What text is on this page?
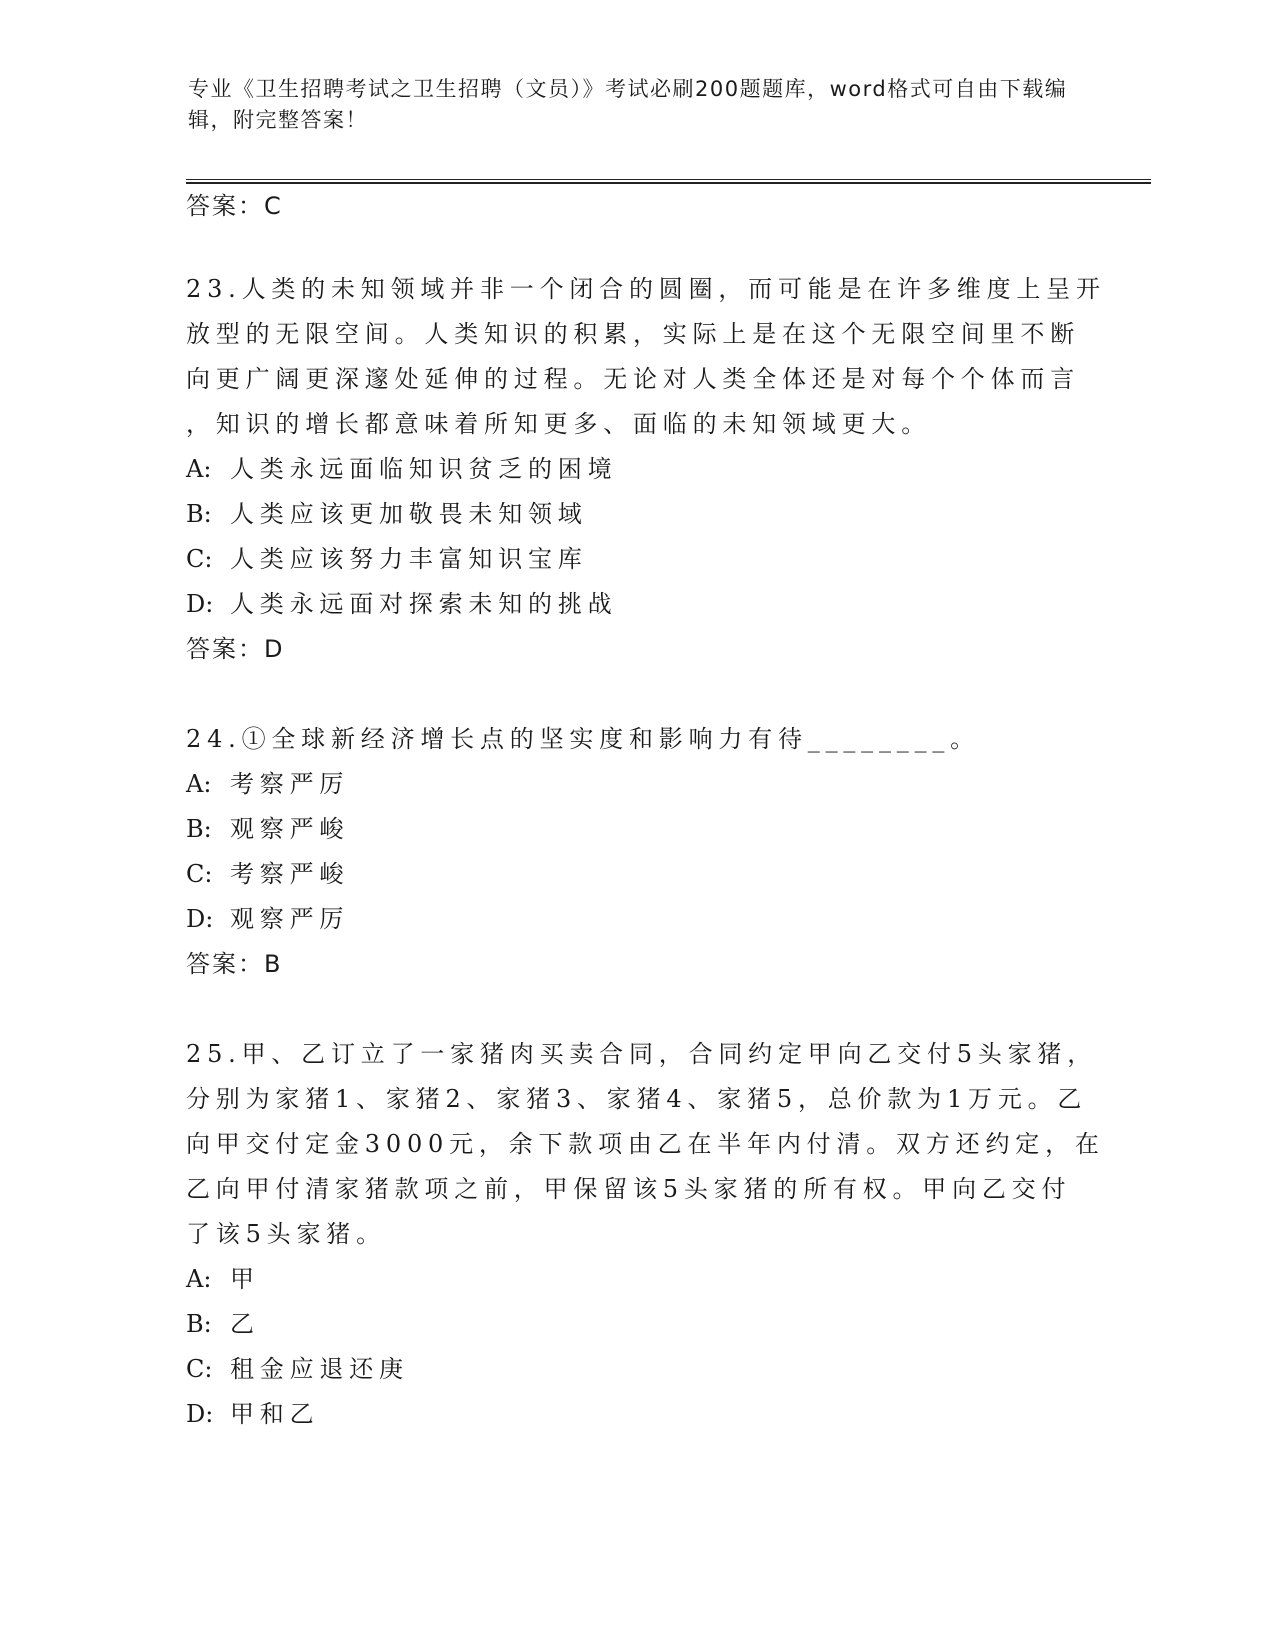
专业《卫生招聘考试之卫生招聘（文员）》考试必刷200题题库，word格式可自由下载编辑，附完整答案！
答案：C
23.人类的未知领域并非一个闭合的圆圈，而可能是在许多维度上呈开
放型的无限空间。人类知识的积累，实际上是在这个无限空间里不断
向更广阔更深邃处延伸的过程。无论对人类全体还是对每个个体而言
，知识的增长都意味着所知更多、面临的未知领域更大。
A: 人类永远面临知识贫乏的困境
B: 人类应该更加敬畏未知领域
C: 人类应该努力丰富知识宝库
D: 人类永远面对探索未知的挑战
答案：D
24.①全球新经济增长点的坚实度和影响力有待________。
A: 考察严厉
B: 观察严峻
C: 考察严峻
D: 观察严厉
答案：B
25.甲、乙订立了一家猪肉买卖合同，合同约定甲向乙交付5头家猪，
分别为家猪1、家猪2、家猪3、家猪4、家猪5，总价款为1万元。乙
向甲交付定金3000元，余下款项由乙在半年内付清。双方还约定，在
乙向甲付清家猪款项之前，甲保留该5头家猪的所有权。甲向乙交付
了该5头家猪。
A: 甲
B: 乙
C: 租金应退还庚
D: 甲和乙
